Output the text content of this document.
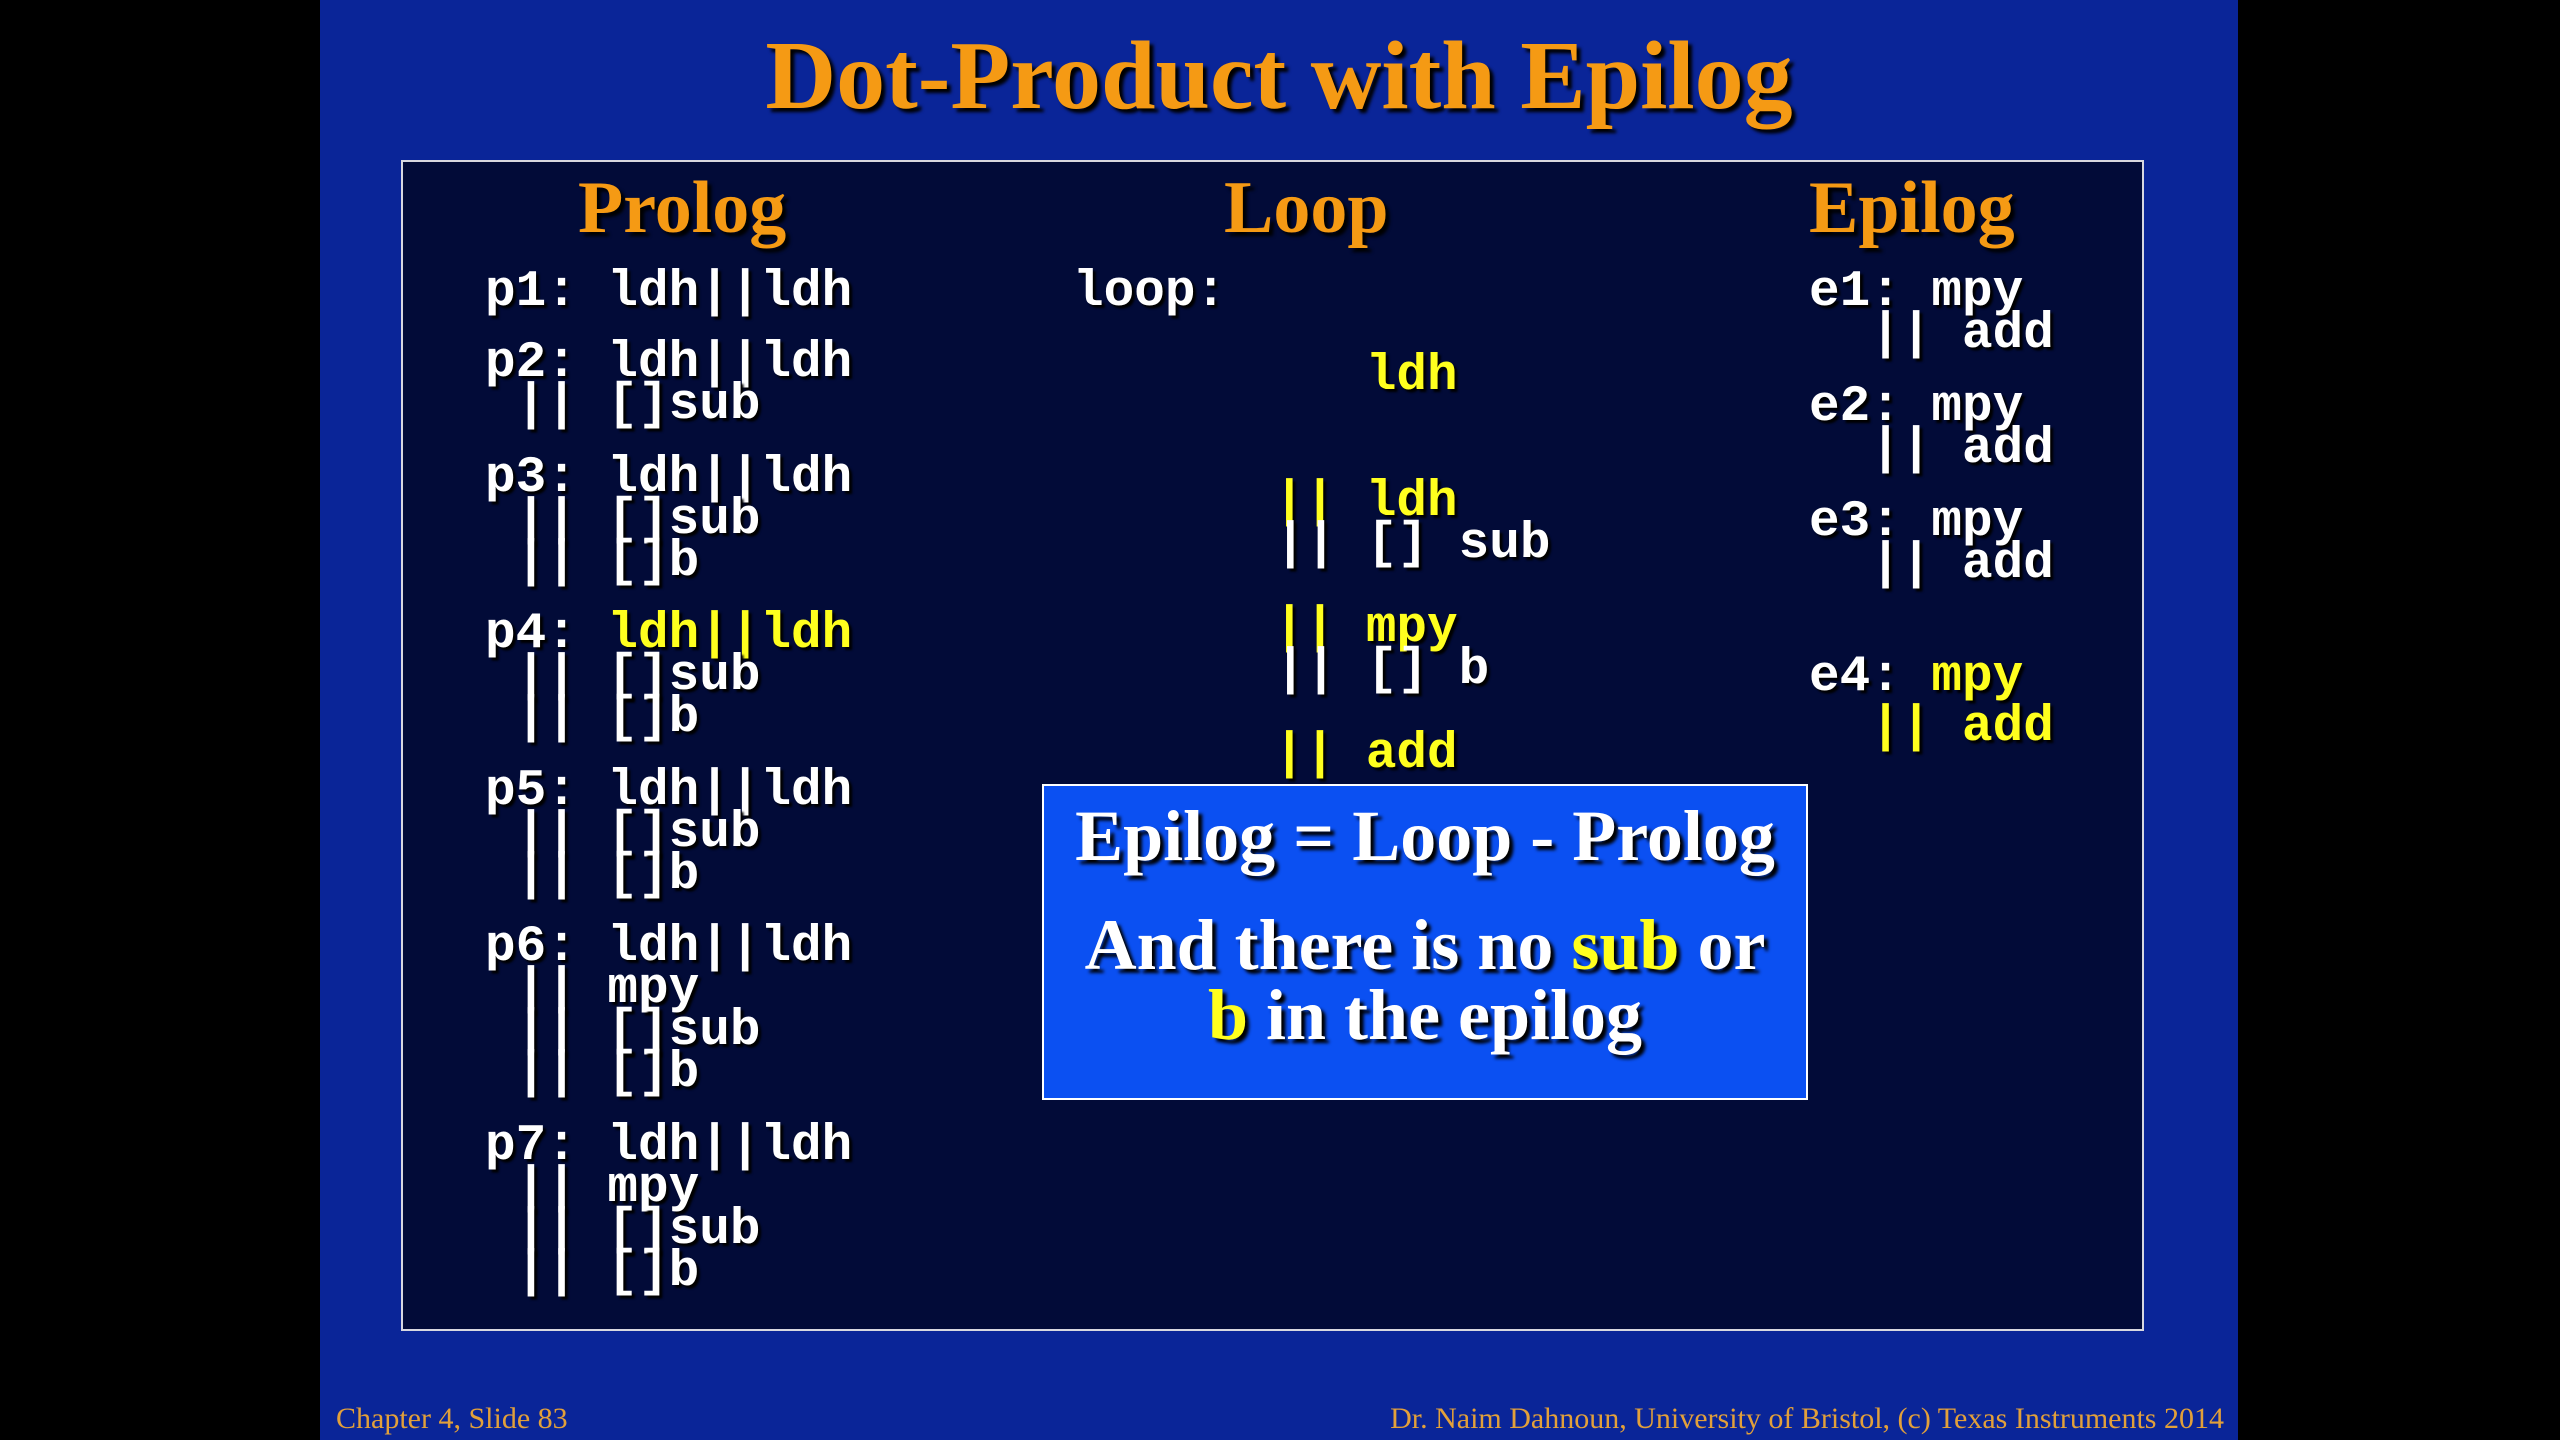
Dot-Product with Epilog
Prolog	Loop	Epilog
p1: ldh||ldh
p2: ldh||ldh
|| []sub
p3: ldh||ldh
|| []sub
|| []b
p4: ldh||ldh
|| []sub
|| []b
p5: ldh||ldh
|| []sub
|| []b
p6: ldh||ldh
|| mpy
|| []sub
|| []b
p7: ldh||ldh
|| mpy
|| []sub
|| []b
loop:

ldh

|| ldh

|| mpy

|| add

|| [] sub

|| [] b

e1: mpy
|| add
e2: mpy
|| add
e3: mpy
|| add
e4: mpy
|| add
Epilog = Loop - Prolog
And there is no sub or
b in the epilog
Chapter 4, Slide 83	Dr. Naim Dahnoun, University of Bristol, (c) Texas Instruments 2014
